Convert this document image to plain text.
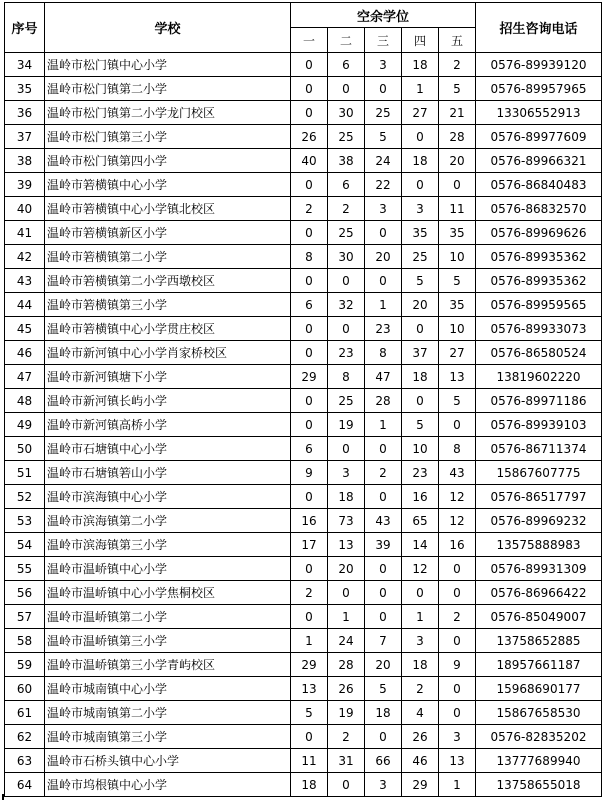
序号	学校	空余学位					招生咨询电话
		一	二	三	四	五	
34	温岭市松门镇中心小学	0	6	3	18	2	0576-89939120
35	温岭市松门镇第二小学	0	0	0	1	5	0576-89957965
36	温岭市松门镇第二小学龙门校区	0	30	25	27	21	13306552913
37	温岭市松门镇第三小学	26	25	5	0	28	0576-89977609
38	温岭市松门镇第四小学	40	38	24	18	20	0576-89966321
39	温岭市箬横镇中心小学	0	6	22	0	0	0576-86840483
40	温岭市箬横镇中心小学镇北校区	2	2	3	3	11	0576-86832570
41	温岭市箬横镇新区小学	0	25	0	35	35	0576-89969626
42	温岭市箬横镇第二小学	8	30	20	25	10	0576-89935362
43	温岭市箬横镇第二小学西墩校区	0	0	0	5	5	0576-89935362
44	温岭市箬横镇第三小学	6	32	1	20	35	0576-89959565
45	温岭市箬横镇中心小学贯庄校区	0	0	23	0	10	0576-89933073
46	温岭市新河镇中心小学肖家桥校区	0	23	8	37	27	0576-86580524
47	温岭市新河镇塘下小学	29	8	47	18	13	13819602220
48	温岭市新河镇长屿小学	0	25	28	0	5	0576-89971186
49	温岭市新河镇高桥小学	0	19	1	5	0	0576-89939103
50	温岭市石塘镇中心小学	6	0	0	10	8	0576-86711374
51	温岭市石塘镇箬山小学	9	3	2	23	43	15867607775
52	温岭市滨海镇中心小学	0	18	0	16	12	0576-86517797
53	温岭市滨海镇第二小学	16	73	43	65	12	0576-89969232
54	温岭市滨海镇第三小学	17	13	39	14	16	13575888983
55	温岭市温峤镇中心小学	0	20	0	12	0	0576-89931309
56	温岭市温峤镇中心小学焦桐校区	2	0	0	0	0	0576-86966422
57	温岭市温峤镇第二小学	0	1	0	1	2	0576-85049007
58	温岭市温峤镇第三小学	1	24	7	3	0	13758652885
59	温岭市温峤镇第三小学青屿校区	29	28	20	18	9	18957661187
60	温岭市城南镇中心小学	13	26	5	2	0	15968690177
61	温岭市城南镇第二小学	5	19	18	4	0	15867658530
62	温岭市城南镇第三小学	0	2	0	26	3	0576-82835202
63	温岭市石桥头镇中心小学	11	31	66	46	13	13777689940
64	温岭市坞根镇中心小学	18	0	3	29	1	13758655018
